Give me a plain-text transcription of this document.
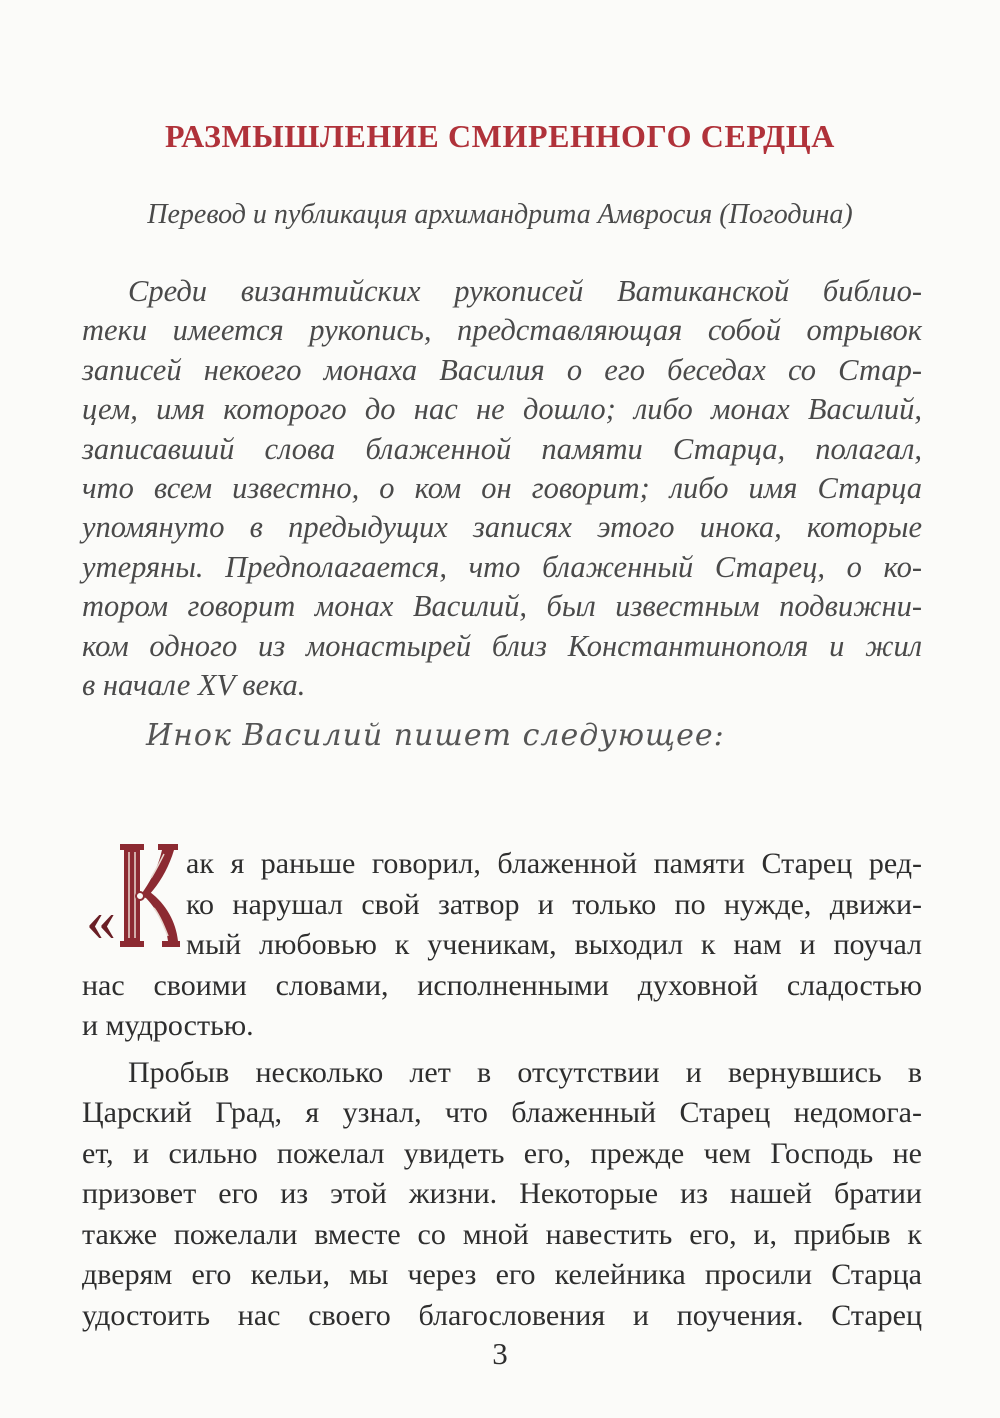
РАЗМЫШЛЕНИЕ СМИРЕННОГО СЕРДЦА
Перевод и публикация архимандрита Амвросия (Погодина)
Среди византийских рукописей Ватиканской библио-
теки имеется рукопись, представляющая собой отрывок
записей некоего монаха Василия о его беседах со Стар-
цем, имя которого до нас не дошло; либо монах Василий,
записавший слова блаженной памяти Старца, полагал,
что всем известно, о ком он говорит; либо имя Старца
упомянуто в предыдущих записях этого инока, которые
утеряны. Предполагается, что блаженный Старец, о ко-
тором говорит монах Василий, был известным подвижни-
ком одного из монастырей близ Константинополя и жил
в начале XV века.
Инок Василий пишет следующее:
«
ак я раньше говорил, блаженной памяти Старец ред-
ко нарушал свой затвор и только по нужде, движи-
мый любовью к ученикам, выходил к нам и поучал
нас своими словами, исполненными духовной сладостью
и мудростью.
Пробыв несколько лет в отсутствии и вернувшись в
Царский Град, я узнал, что блаженный Старец недомога-
ет, и сильно пожелал увидеть его, прежде чем Господь не
призовет его из этой жизни. Некоторые из нашей братии
также пожелали вместе со мной навестить его, и, прибыв к
дверям его кельи, мы через его келейника просили Старца
удостоить нас своего благословения и поучения. Старец
3
